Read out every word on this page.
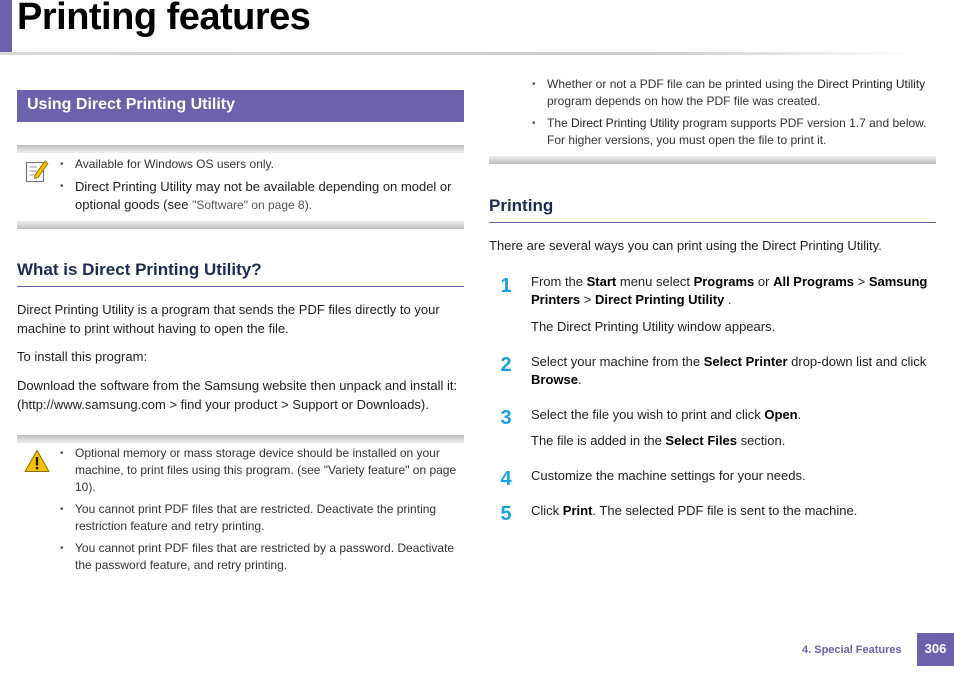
Printing features
Using Direct Printing Utility
• Available for Windows OS users only.
• Direct Printing Utility may not be available depending on model or optional goods (see "Software" on page 8).
What is Direct Printing Utility?
Direct Printing Utility is a program that sends the PDF files directly to your machine to print without having to open the file.
To install this program:
Download the software from the Samsung website then unpack and install it: (http://www.samsung.com > find your product > Support or Downloads).
• Optional memory or mass storage device should be installed on your machine, to print files using this program. (see "Variety feature" on page 10).
• You cannot print PDF files that are restricted. Deactivate the printing restriction feature and retry printing.
• You cannot print PDF files that are restricted by a password. Deactivate the password feature, and retry printing.
• Whether or not a PDF file can be printed using the Direct Printing Utility program depends on how the PDF file was created.
• The Direct Printing Utility program supports PDF version 1.7 and below. For higher versions, you must open the file to print it.
Printing
There are several ways you can print using the Direct Printing Utility.
1	From the Start menu select Programs or All Programs > Samsung Printers > Direct Printing Utility .
The Direct Printing Utility window appears.
2	Select your machine from the Select Printer drop-down list and click Browse.
3	Select the file you wish to print and click Open.
The file is added in the Select Files section.
4	Customize the machine settings for your needs.
5	Click Print. The selected PDF file is sent to the machine.
4. Special Features	306
